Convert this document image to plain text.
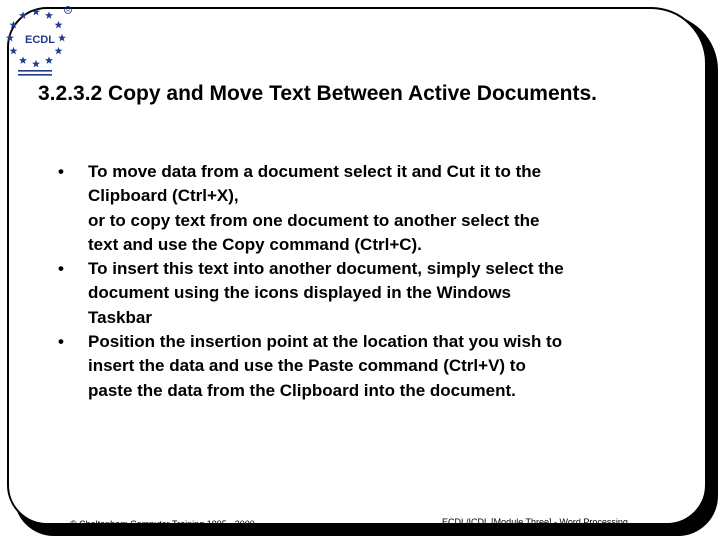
ECDL
R
3.2.3.2 Copy and Move Text Between Active Documents.
• To move data from a document select it and Cut it to the
Clipboard (Ctrl+X),
or to copy text from one document to another select the
text and use the Copy command (Ctrl+C).
• To insert this text into another document, simply select the
document using the icons displayed in the Windows
Taskbar
• Position the insertion point at the location that you wish to
insert the data and use the Paste command (Ctrl+V) to
paste the data from the Clipboard into the document.
© Cheltenham Computer Training 1995 - 2000	ECDL/ICDL [Module Three] - Word Processing
